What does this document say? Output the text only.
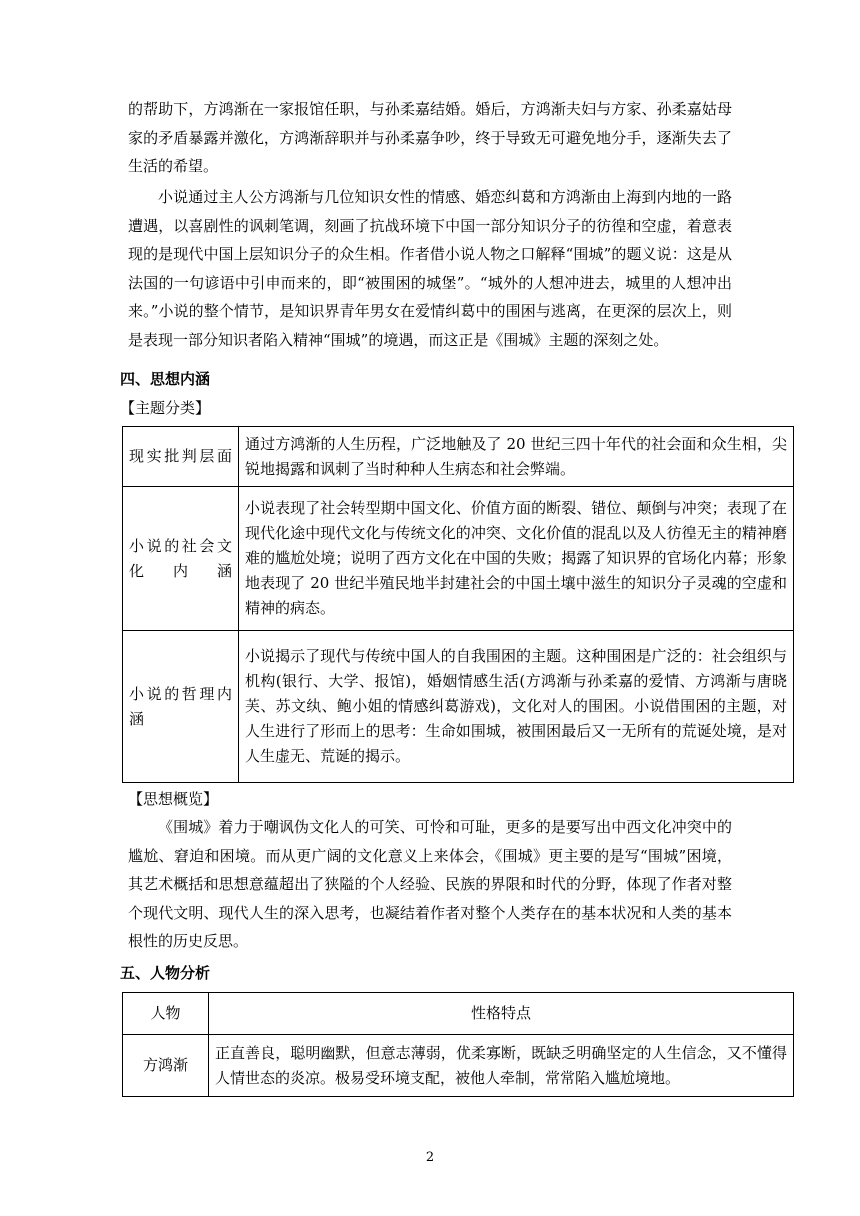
的帮助下，方鸿渐在一家报馆任职，与孙柔嘉结婚。婚后，方鸿渐夫妇与方家、孙柔嘉姑母家的矛盾暴露并激化，方鸿渐辞职并与孙柔嘉争吵，终于导致无可避免地分手，逐渐失去了生活的希望。

小说通过主人公方鸿渐与几位知识女性的情感、婚恋纠葛和方鸿渐由上海到内地的一路遭遇，以喜剧性的讽刺笔调，刻画了抗战环境下中国一部分知识分子的彷徨和空虚，着意表现的是现代中国上层知识分子的众生相。作者借小说人物之口解释“围城”的题义说：这是从法国的一句谚语中引申而来的，即“被围困的城堡”。“城外的人想冲进去，城里的人想冲出来。”小说的整个情节，是知识界青年男女在爱情纠葛中的围困与逃离，在更深的层次上，则是表现一部分知识者陷入精神“围城”的境遇，而这正是《围城》主题的深刻之处。

四、思想内涵

【主题分类】

现实批判层面	通过方鸿渐的人生历程，广泛地触及了 20 世纪三四十年代的社会面和众生相，尖锐地揭露和讽刺了当时种种人生病态和社会弊端。
小说的社会文化内涵	小说表现了社会转型期中国文化、价值方面的断裂、错位、颠倒与冲突；表现了在现代化途中现代文化与传统文化的冲突、文化价值的混乱以及人彷徨无主的精神磨难的尴尬处境；说明了西方文化在中国的失败；揭露了知识界的官场化内幕；形象地表现了 20 世纪半殖民地半封建社会的中国土壤中滋生的知识分子灵魂的空虚和精神的病态。
小说的哲理内涵	小说揭示了现代与传统中国人的自我围困的主题。这种围困是广泛的：社会组织与机构(银行、大学、报馆)，婚姻情感生活(方鸿渐与孙柔嘉的爱情、方鸿渐与唐晓芙、苏文纨、鲍小姐的情感纠葛游戏)，文化对人的围困。小说借围困的主题，对人生进行了形而上的思考：生命如围城，被围困最后又一无所有的荒诞处境，是对人生虚无、荒诞的揭示。

【思想概览】

《围城》着力于嘲讽伪文化人的可笑、可怜和可耻，更多的是要写出中西文化冲突中的尴尬、窘迫和困境。而从更广阔的文化意义上来体会，《围城》更主要的是写“围城”困境，其艺术概括和思想意蕴超出了狭隘的个人经验、民族的界限和时代的分野，体现了作者对整个现代文明、现代人生的深入思考，也凝结着作者对整个人类存在的基本状况和人类的基本根性的历史反思。

五、人物分析

人物	性格特点
方鸿渐	正直善良，聪明幽默，但意志薄弱，优柔寡断，既缺乏明确坚定的人生信念，又不懂得人情世态的炎凉。极易受环境支配，被他人牵制，常常陷入尴尬境地。
2
